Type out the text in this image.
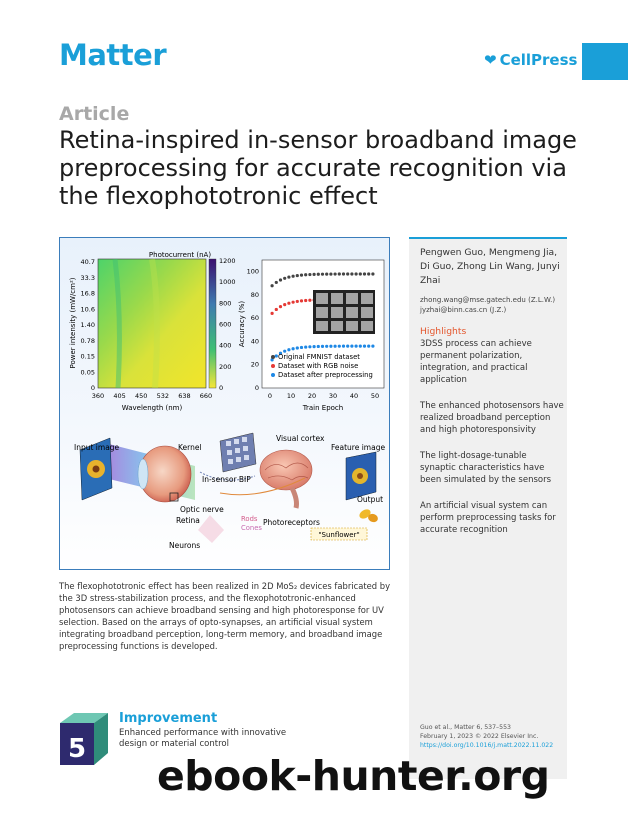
Matter	❤ CellPress
Article
Retina-inspired in-sensor broadband image preprocessing for accurate recognition via the flexophototronic effect
Photocurrent (nA)
1200
1000
800
600
400
200
0
40.7
33.3
16.8
10.6
1.40
0.78
0.15
0.05
0
360 405 450 532 638 660
Wavelength (nm)
Power intensity (mW/cm²)
100
80
60
40
20
0
0 10 20 30 40 50
Train Epoch
Accuracy (%)
Original FMNIST dataset
Dataset with RGB noise
Dataset after preprocessing
Input image	Kernel
In-sensor BIP
Visual cortex
Feature image
Output
"Sunflower"
Optic nerve
Retina	Rods
Cones
Photoreceptors
Neurons
The flexophototronic effect has been realized in 2D MoS₂ devices fabricated by the 3D stress-stabilization process, and the flexophototronic-enhanced photosensors can achieve broadband sensing and high photoresponse for UV selection. Based on the arrays of opto-synapses, an artificial visual system integrating broadband perception, long-term memory, and broadband image preprocessing functions is developed.
Pengwen Guo, Mengmeng Jia, Di Guo, Zhong Lin Wang, Junyi Zhai
zhong.wang@mse.gatech.edu (Z.L.W.)
jyzhai@binn.cas.cn (J.Z.)
Highlights
3DSS process can achieve permanent polarization, integration, and practical application
The enhanced photosensors have realized broadband perception and high photoresponsivity
The light-dosage-tunable synaptic characteristics have been simulated by the sensors
An artificial visual system can perform preprocessing tasks for accurate recognition
Guo et al., Matter 6, 537–553
February 1, 2023 © 2022 Elsevier Inc.
https://doi.org/10.1016/j.matt.2022.11.022
5
Improvement
Enhanced performance with innovative design or material control
ebook-hunter.org
